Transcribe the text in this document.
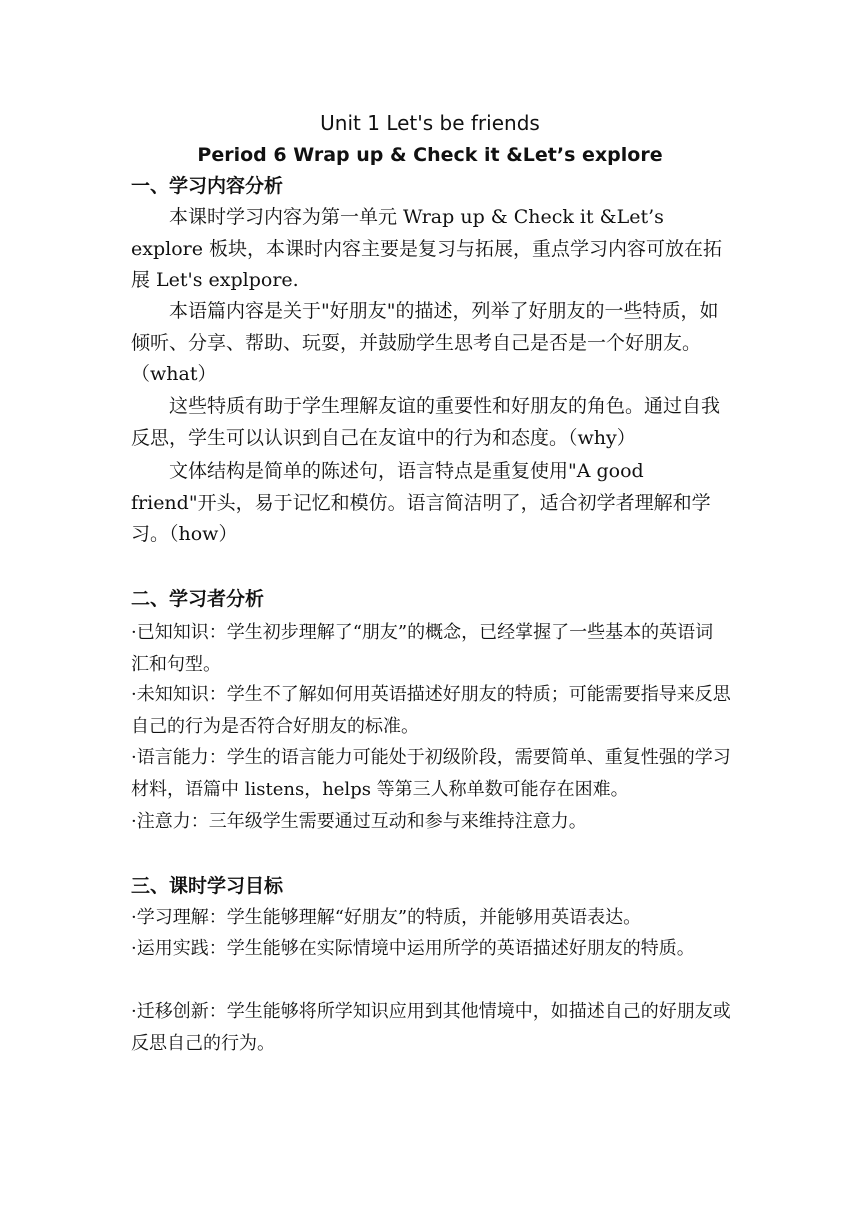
Unit 1 Let's be friends
Period 6 Wrap up & Check it &Let’s explore
一、学习内容分析

本课时学习内容为第一单元 Wrap up & Check it &Let’s explore 板块，本课时内容主要是复习与拓展，重点学习内容可放在拓展 Let's explpore.

本语篇内容是关于"好朋友"的描述，列举了好朋友的一些特质，如倾听、分享、帮助、玩耍，并鼓励学生思考自己是否是一个好朋友。（what）

这些特质有助于学生理解友谊的重要性和好朋友的角色。通过自我反思，学生可以认识到自己在友谊中的行为和态度。（why）

文体结构是简单的陈述句，语言特点是重复使用"A good friend"开头，易于记忆和模仿。语言简洁明了，适合初学者理解和学习。（how）

二、学习者分析

·已知知识：学生初步理解了“朋友”的概念，已经掌握了一些基本的英语词汇和句型。

·未知知识：学生不了解如何用英语描述好朋友的特质；可能需要指导来反思自己的行为是否符合好朋友的标准。

·语言能力：学生的语言能力可能处于初级阶段，需要简单、重复性强的学习材料，语篇中 listens，helps 等第三人称单数可能存在困难。

·注意力：三年级学生需要通过互动和参与来维持注意力。

三、课时学习目标

·学习理解：学生能够理解“好朋友”的特质，并能够用英语表达。

·运用实践：学生能够在实际情境中运用所学的英语描述好朋友的特质。

·迁移创新：学生能够将所学知识应用到其他情境中，如描述自己的好朋友或反思自己的行为。
